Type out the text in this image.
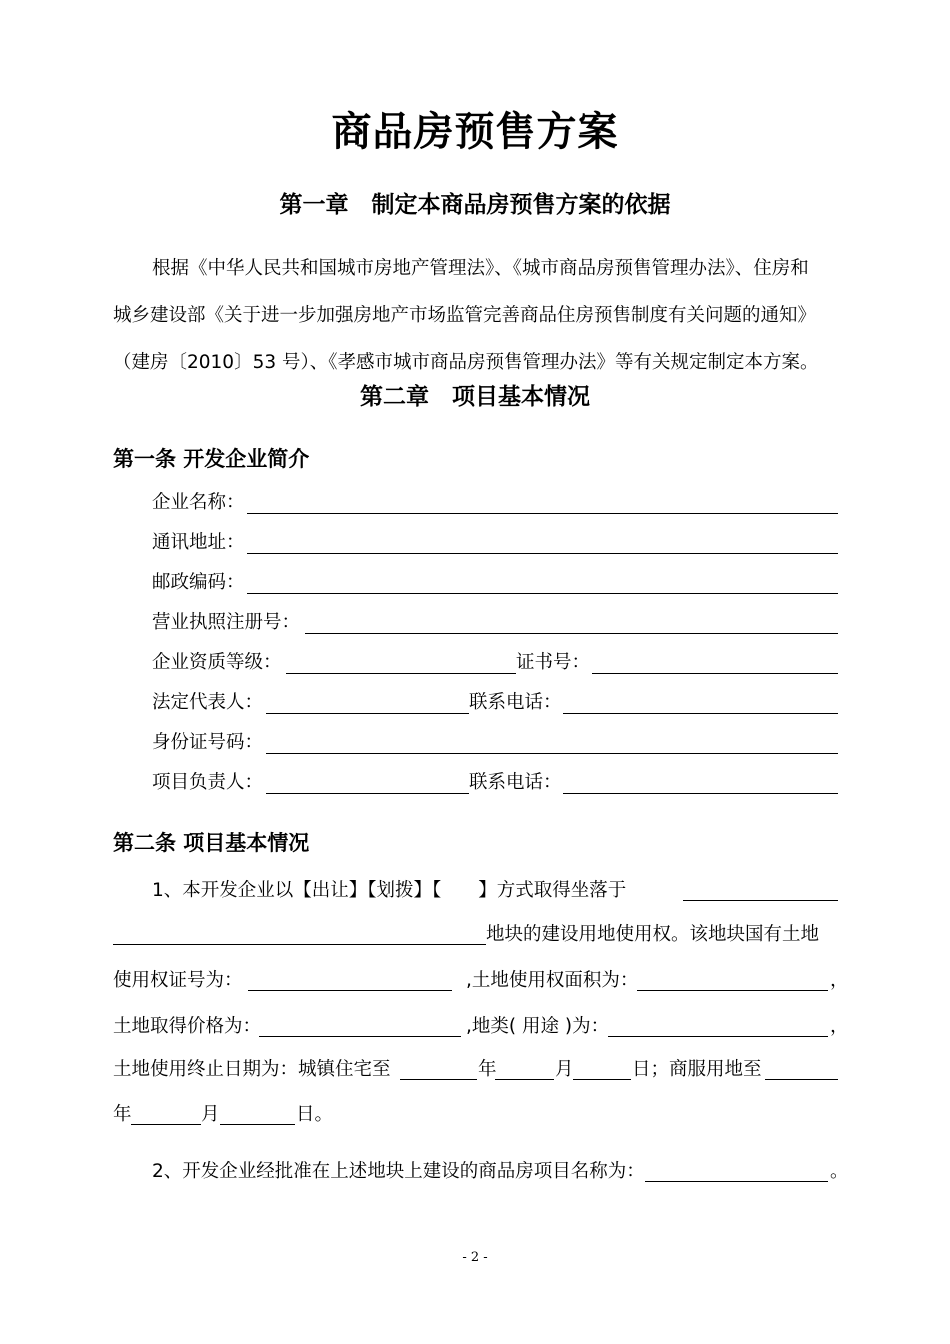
商品房预售方案
第一章　制定本商品房预售方案的依据
根据《中华人民共和国城市房地产管理法》、《城市商品房预售管理办法》、住房和
城乡建设部《关于进一步加强房地产市场监管完善商品住房预售制度有关问题的通知》
（建房〔2010〕53 号）、《孝感市城市商品房预售管理办法》等有关规定制定本方案。
第二章　项目基本情况
第一条 开发企业简介
企业名称：
通讯地址：
邮政编码：
营业执照注册号：
企业资质等级：	证书号：
法定代表人：	联系电话：
身份证号码：
项目负责人：	联系电话：
第二条 项目基本情况
1、本开发企业以【出让】【划拨】【　　】方式取得坐落于
地块的建设用地使用权。该地块国有土地
使用权证号为：	,土地使用权面积为：	，
土地取得价格为：	,地类( 用途 )为：	，
土地使用终止日期为：城镇住宅至	年	月	日；商服用地至
年	月	日。
2、开发企业经批准在上述地块上建设的商品房项目名称为：	。
- 2 -
